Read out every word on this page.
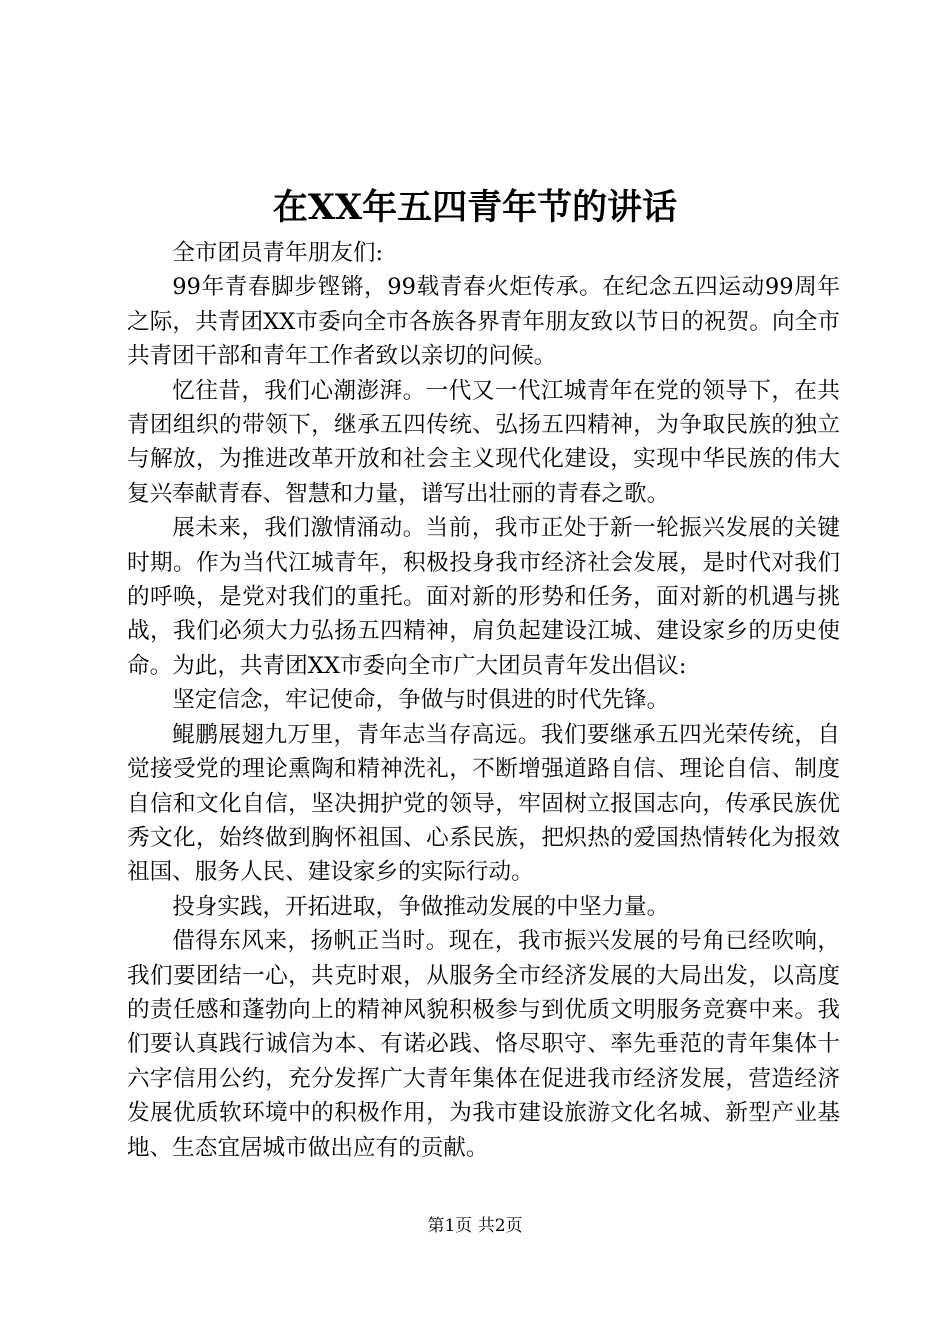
在XX年五四青年节的讲话

全市团员青年朋友们:

99年青春脚步铿锵，99载青春火炬传承。在纪念五四运动99周年之际，共青团XX市委向全市各族各界青年朋友致以节日的祝贺。向全市共青团干部和青年工作者致以亲切的问候。

忆往昔，我们心潮澎湃。一代又一代江城青年在党的领导下，在共青团组织的带领下，继承五四传统、弘扬五四精神，为争取民族的独立与解放，为推进改革开放和社会主义现代化建设，实现中华民族的伟大复兴奉献青春、智慧和力量，谱写出壮丽的青春之歌。

展未来，我们激情涌动。当前，我市正处于新一轮振兴发展的关键时期。作为当代江城青年，积极投身我市经济社会发展，是时代对我们的呼唤，是党对我们的重托。面对新的形势和任务，面对新的机遇与挑战，我们必须大力弘扬五四精神，肩负起建设江城、建设家乡的历史使命。为此，共青团XX市委向全市广大团员青年发出倡议:

坚定信念，牢记使命，争做与时俱进的时代先锋。

鲲鹏展翅九万里，青年志当存高远。我们要继承五四光荣传统，自觉接受党的理论熏陶和精神洗礼，不断增强道路自信、理论自信、制度自信和文化自信，坚决拥护党的领导，牢固树立报国志向，传承民族优秀文化，始终做到胸怀祖国、心系民族，把炽热的爱国热情转化为报效祖国、服务人民、建设家乡的实际行动。

投身实践，开拓进取，争做推动发展的中坚力量。

借得东风来，扬帆正当时。现在，我市振兴发展的号角已经吹响，我们要团结一心，共克时艰，从服务全市经济发展的大局出发，以高度的责任感和蓬勃向上的精神风貌积极参与到优质文明服务竞赛中来。我们要认真践行诚信为本、有诺必践、恪尽职守、率先垂范的青年集体十六字信用公约，充分发挥广大青年集体在促进我市经济发展，营造经济发展优质软环境中的积极作用，为我市建设旅游文化名城、新型产业基地、生态宜居城市做出应有的贡献。

第1页 共2页
